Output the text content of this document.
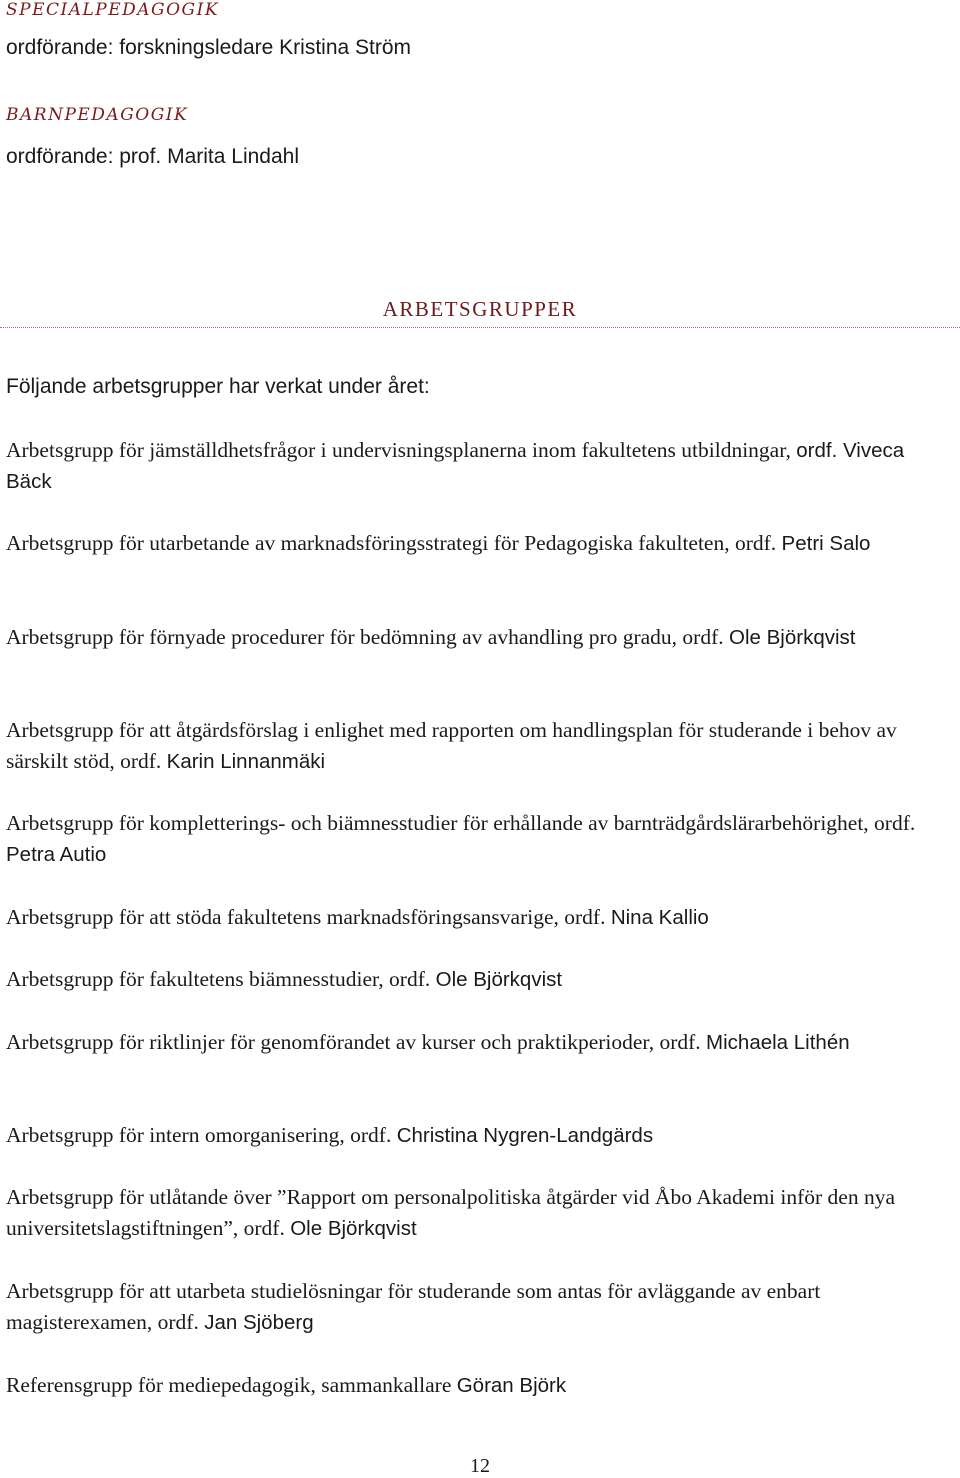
SPECIALPEDAGOGIK
ordförande: forskningsledare Kristina Ström
BARNPEDAGOGIK
ordförande: prof. Marita Lindahl
ARBETSGRUPPER
Följande arbetsgrupper har verkat under året:
Arbetsgrupp för jämställdhetsfrågor i undervisningsplanerna inom fakultetens utbildningar, ordf. Viveca Bäck
Arbetsgrupp för utarbetande av marknadsföringsstrategi för Pedagogiska fakulteten, ordf. Petri Salo
Arbetsgrupp för förnyade procedurer för bedömning av avhandling pro gradu, ordf. Ole Björkqvist
Arbetsgrupp för att åtgärdsförslag i enlighet med rapporten om handlingsplan för studerande i behov av särskilt stöd, ordf. Karin Linnanmäki
Arbetsgrupp för kompletterings- och biämnesstudier för erhållande av barnträdgårdslärarbehörighet, ordf. Petra Autio
Arbetsgrupp för att stöda fakultetens marknadsföringsansvarige, ordf. Nina Kallio
Arbetsgrupp för fakultetens biämnesstudier, ordf. Ole Björkqvist
Arbetsgrupp för riktlinjer för genomförandet av kurser och praktikperioder, ordf. Michaela Lithén
Arbetsgrupp för intern omorganisering, ordf. Christina Nygren-Landgärds
Arbetsgrupp för utlåtande över ”Rapport om personalpolitiska åtgärder vid Åbo Akademi inför den nya universitetslagstiftningen”, ordf. Ole Björkqvist
Arbetsgrupp för att utarbeta studielösningar för studerande som antas för avläggande av enbart magisterexamen, ordf. Jan Sjöberg
Referensgrupp för mediepedagogik, sammankallare Göran Björk
12
